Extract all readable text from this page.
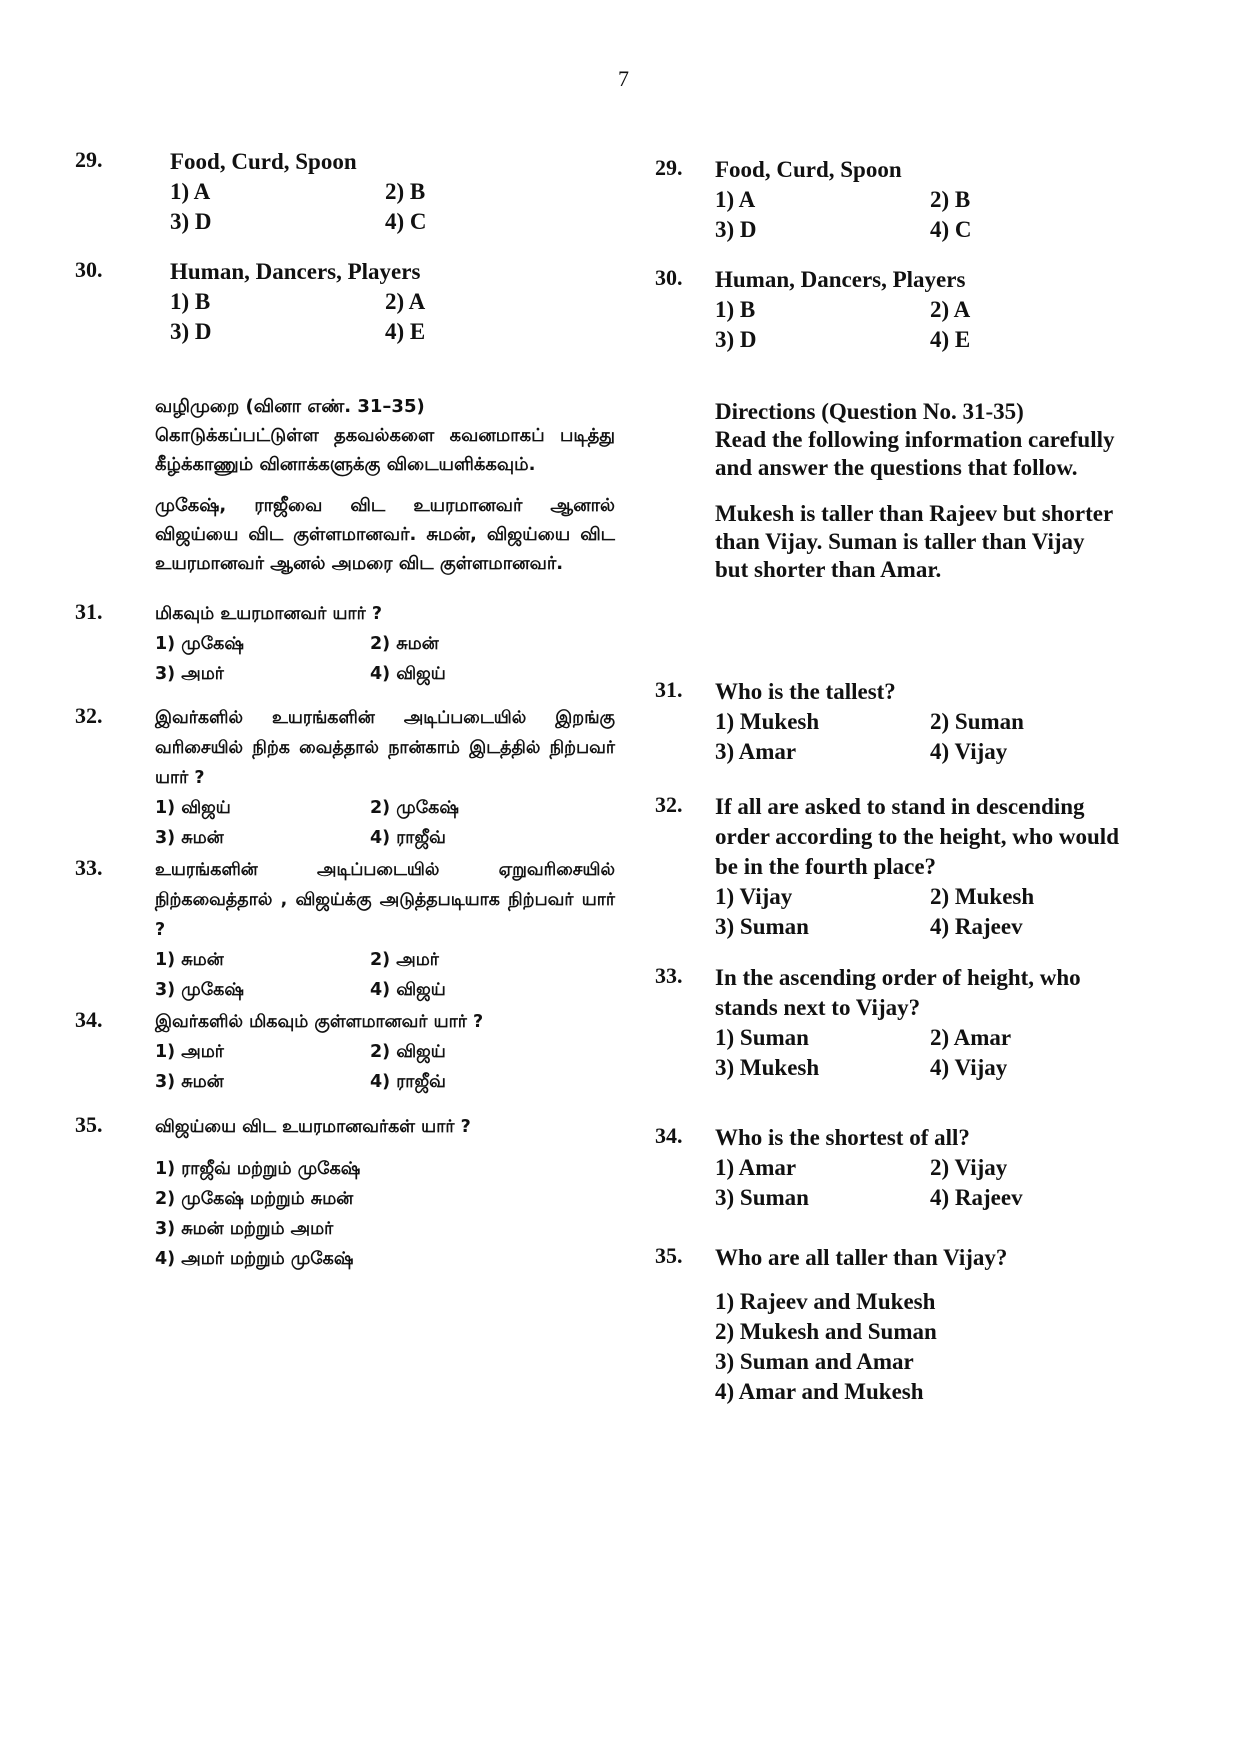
7
29.	Food, Curd, Spoon
1) A	2) B
3) D	4) C
30.	Human, Dancers, Players
1) B	2) A
3) D	4) E
வழிமுறை (வினா எண். 31–35)
கொடுக்கப்பட்டுள்ள தகவல்களை கவனமாகப் படித்து கீழ்க்காணும் வினாக்களுக்கு விடையளிக்கவும்.
முகேஷ், ராஜீவை விட உயரமானவர் ஆனால் விஜய்யை விட குள்ளமானவர். சுமன், விஜய்யை விட உயரமானவர் ஆனல் அமரை விட குள்ளமானவர்.
31.	மிகவும் உயரமானவர் யார் ?
1) முகேஷ்	2) சுமன்
3) அமர்	4) விஜய்
32.	இவர்களில் உயரங்களின் அடிப்படையில் இறங்கு வரிசையில் நிற்க வைத்தால் நான்காம் இடத்தில் நிற்பவர் யார் ?
1) விஜய்	2) முகேஷ்
3) சுமன்	4) ராஜீவ்
33.	உயரங்களின் அடிப்படையில் ஏறுவரிசையில் நிற்கவைத்தால் , விஜய்க்கு அடுத்தபடியாக நிற்பவர் யார் ?
1) சுமன்	2) அமர்
3) முகேஷ்	4) விஜய்
34.	இவர்களில் மிகவும் குள்ளமானவர் யார் ?
1) அமர்	2) விஜய்
3) சுமன்	4) ராஜீவ்
35.	விஜய்யை விட உயரமானவர்கள் யார் ?
1) ராஜீவ் மற்றும் முகேஷ்
2) முகேஷ் மற்றும் சுமன்
3) சுமன் மற்றும் அமர்
4) அமர் மற்றும் முகேஷ்
29. Food, Curd, Spoon
1) A	2) B
3) D	4) C
30. Human, Dancers, Players
1) B	2) A
3) D	4) E
Directions (Question No. 31-35)
Read the following information carefully and answer the questions that follow.
Mukesh is taller than Rajeev but shorter than Vijay. Suman is taller than Vijay but shorter than Amar.
31. Who is the tallest?
1) Mukesh	2) Suman
3) Amar	4) Vijay
32. If all are asked to stand in descending order according to the height, who would be in the fourth place?
1) Vijay	2) Mukesh
3) Suman	4) Rajeev
33. In the ascending order of height, who stands next to Vijay?
1) Suman	2) Amar
3) Mukesh	4) Vijay
34. Who is the shortest of all?
1) Amar	2) Vijay
3) Suman	4) Rajeev
35. Who are all taller than Vijay?
1) Rajeev and Mukesh
2) Mukesh and Suman
3) Suman and Amar
4) Amar and Mukesh
